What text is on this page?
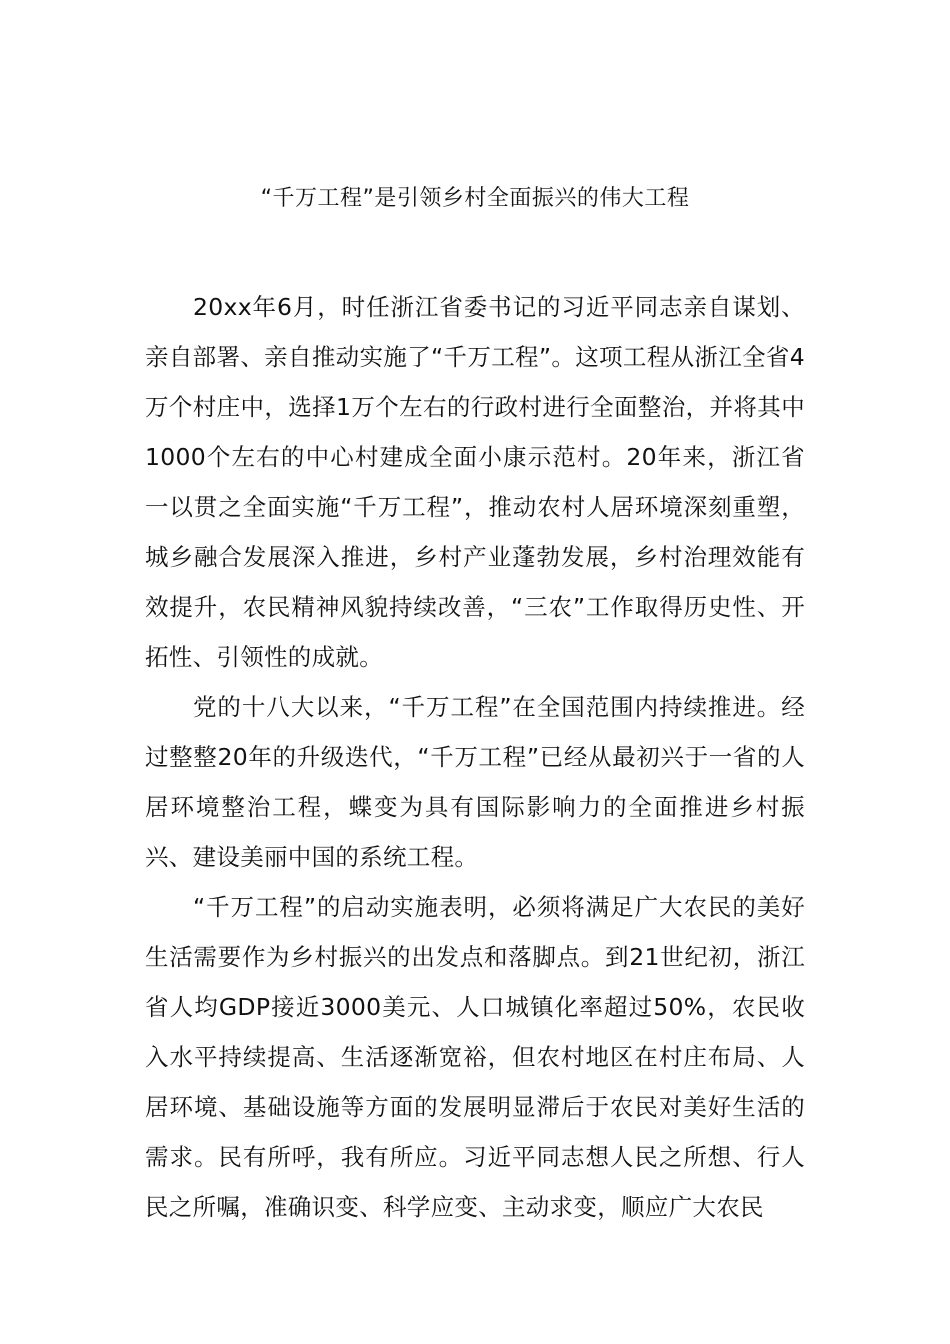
“千万工程”是引领乡村全面振兴的伟大工程

20xx年6月，时任浙江省委书记的习近平同志亲自谋划、亲自部署、亲自推动实施了“千万工程”。这项工程从浙江全省4万个村庄中，选择1万个左右的行政村进行全面整治，并将其中1000个左右的中心村建成全面小康示范村。20年来，浙江省一以贯之全面实施“千万工程”，推动农村人居环境深刻重塑，城乡融合发展深入推进，乡村产业蓬勃发展，乡村治理效能有效提升，农民精神风貌持续改善，“三农”工作取得历史性、开拓性、引领性的成就。

党的十八大以来，“千万工程”在全国范围内持续推进。经过整整20年的升级迭代，“千万工程”已经从最初兴于一省的人居环境整治工程，蝶变为具有国际影响力的全面推进乡村振兴、建设美丽中国的系统工程。

“千万工程”的启动实施表明，必须将满足广大农民的美好生活需要作为乡村振兴的出发点和落脚点。到21世纪初，浙江省人均GDP接近3000美元、人口城镇化率超过50%，农民收入水平持续提高、生活逐渐宽裕，但农村地区在村庄布局、人居环境、基础设施等方面的发展明显滞后于农民对美好生活的需求。民有所呼，我有所应。习近平同志想人民之所想、行人民之所嘱，准确识变、科学应变、主动求变，顺应广大农民
